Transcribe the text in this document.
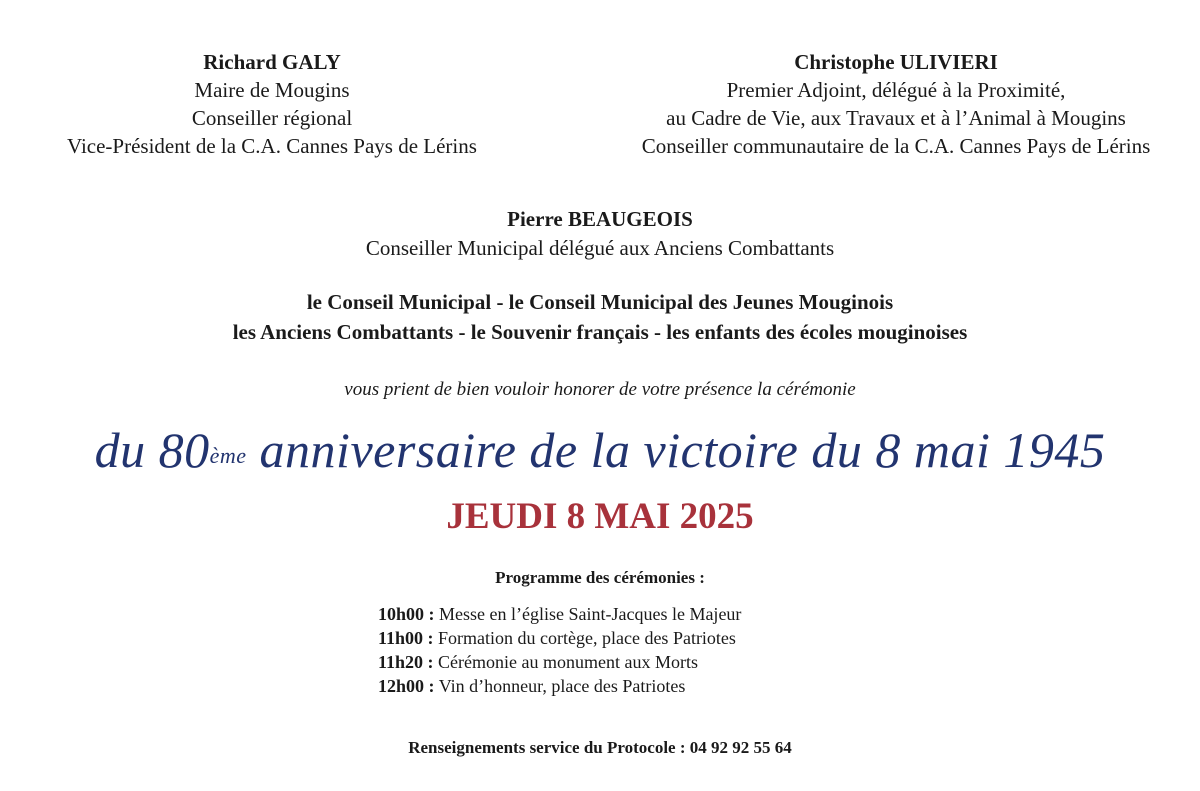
Richard GALY
Maire de Mougins
Conseiller régional
Vice-Président de la C.A. Cannes Pays de Lérins
Christophe ULIVIERI
Premier Adjoint, délégué à la Proximité,
au Cadre de Vie, aux Travaux et à l’Animal à Mougins
Conseiller communautaire de la C.A. Cannes Pays de Lérins
Pierre BEAUGEOIS
Conseiller Municipal délégué aux Anciens Combattants
le Conseil Municipal - le Conseil Municipal des Jeunes Mouginois
les Anciens Combattants - le Souvenir français - les enfants des écoles mouginoises
vous prient de bien vouloir honorer de votre présence la cérémonie
du 80ème anniversaire de la victoire du 8 mai 1945
JEUDI 8 MAI 2025
Programme des cérémonies :
10h00 : Messe en l’église Saint-Jacques le Majeur
11h00 : Formation du cortège, place des Patriotes
11h20 : Cérémonie au monument aux Morts
12h00 : Vin d’honneur, place des Patriotes
Renseignements service du Protocole : 04 92 92 55 64
